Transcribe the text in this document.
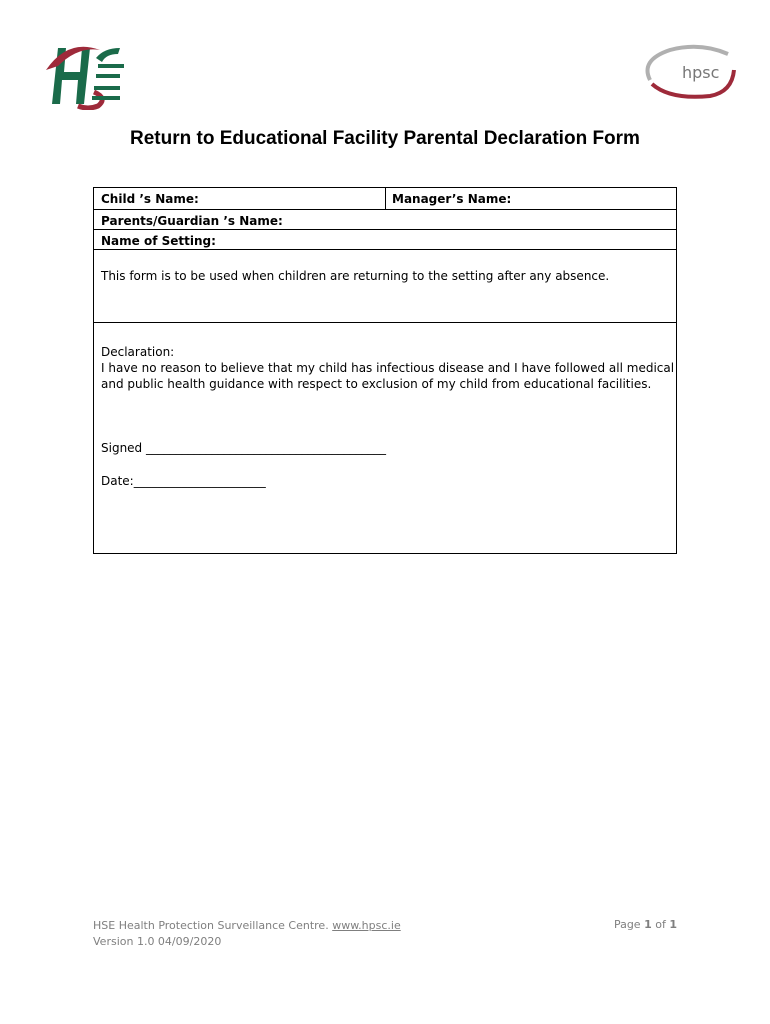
hpsc
Return to Educational Facility Parental Declaration Form
Child ’s Name:	Manager’s Name:
Parents/Guardian ’s Name:
Name of Setting:
This form is to be used when children are returning to the setting after any absence.
Declaration:
I have no reason to believe that my child has infectious disease and I have followed all medical
and public health guidance with respect to exclusion of my child from educational facilities.
Signed ________________________________________
Date:______________________
HSE Health Protection Surveillance Centre. www.hpsc.ie
Version 1.0 04/09/2020
Page 1 of 1
